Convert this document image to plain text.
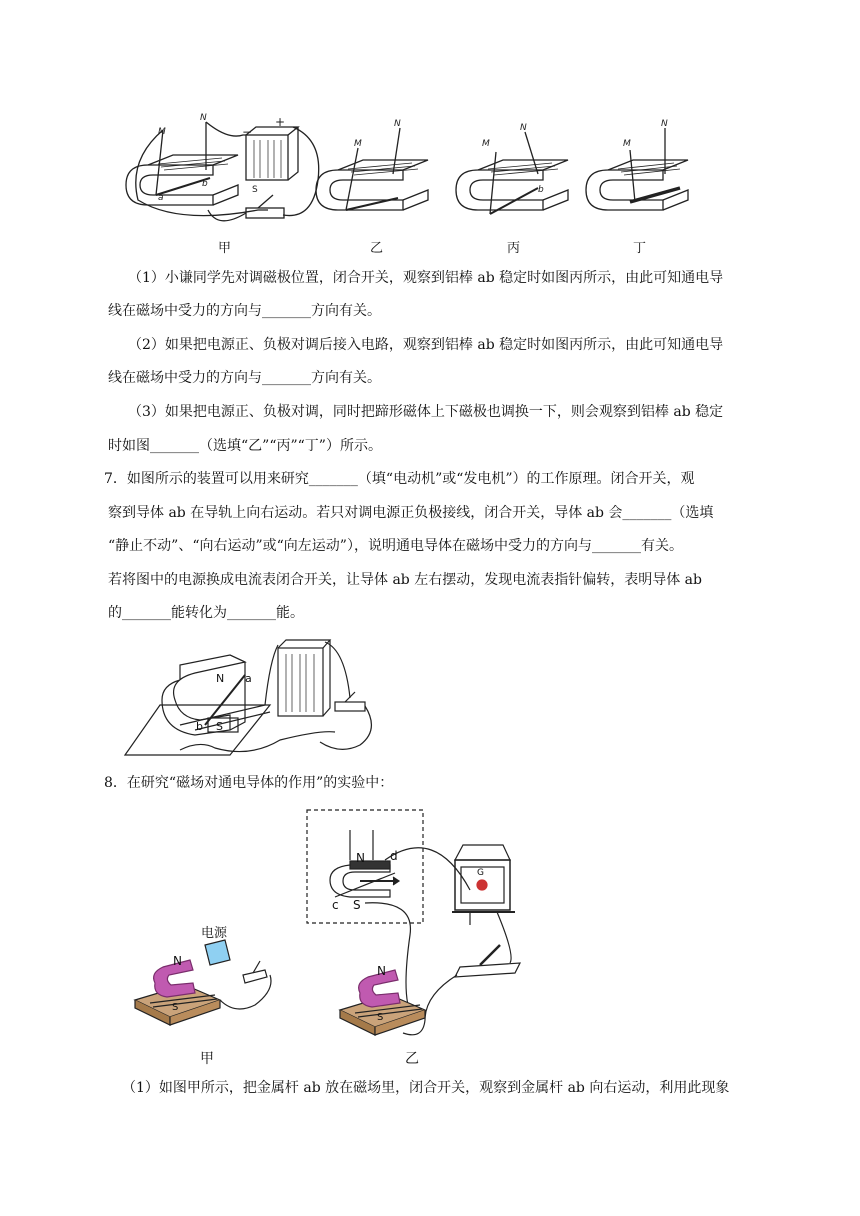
M
N
a
b
S
+
−
M
N
M
N
b
M
N
甲	乙	丙	丁
（1）小谦同学先对调磁极位置，闭合开关，观察到铝棒 ab 稳定时如图丙所示，由此可知通电导
线在磁场中受力的方向与_______方向有关。
（2）如果把电源正、负极对调后接入电路，观察到铝棒 ab 稳定时如图丙所示，由此可知通电导
线在磁场中受力的方向与_______方向有关。
（3）如果把电源正、负极对调，同时把蹄形磁体上下磁极也调换一下，则会观察到铝棒 ab 稳定
时如图_______（选填“乙”“丙”“丁”）所示。
7．如图所示的装置可以用来研究_______（填“电动机”或“发电机”）的工作原理。闭合开关，观
察到导体 ab 在导轨上向右运动。若只对调电源正负极接线，闭合开关，导体 ab 会_______（选填
“静止不动”、“向右运动”或“向左运动”），说明通电导体在磁场中受力的方向与_______有关。
若将图中的电源换成电流表闭合开关，让导体 ab 左右摆动，发现电流表指针偏转，表明导体 ab
的_______能转化为_______能。
N
S
a
b
8．在研究“磁场对通电导体的作用”的实验中：
N
S
c
d
G
电源
N
S
N
S
甲	乙
（1）如图甲所示，把金属杆 ab 放在磁场里，闭合开关，观察到金属杆 ab 向右运动，利用此现象
